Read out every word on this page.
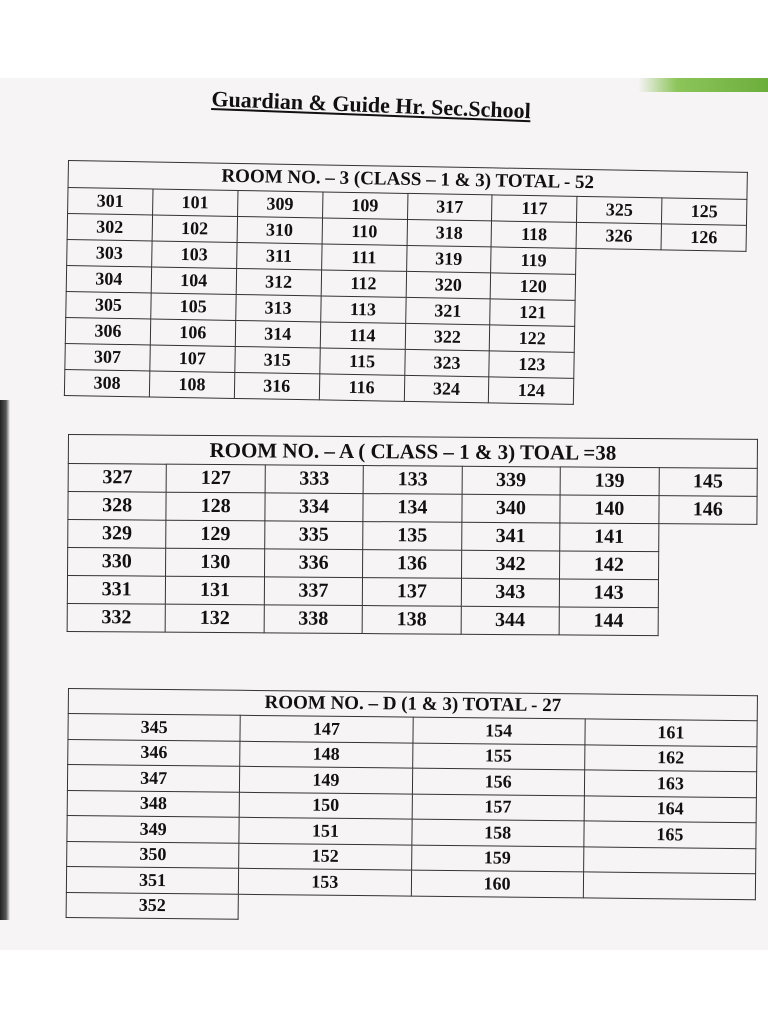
Guardian & Guide Hr. Sec.School
ROOM NO. – 3 (CLASS – 1 & 3) TOTAL - 52							
301	101	309	109	317	117	325	125
302	102	310	110	318	118	326	126
303	103	311	111	319	119		
304	104	312	112	320	120		
305	105	313	113	321	121		
306	106	314	114	322	122		
307	107	315	115	323	123		
308	108	316	116	324	124		
ROOM NO. – A ( CLASS – 1 & 3) TOAL =38						
327	127	333	133	339	139	145
328	128	334	134	340	140	146
329	129	335	135	341	141	
330	130	336	136	342	142	
331	131	337	137	343	143	
332	132	338	138	344	144	
ROOM NO. – D (1 & 3) TOTAL - 27			
345	147	154	161
346	148	155	162
347	149	156	163
348	150	157	164
349	151	158	165
350	152	159	
351	153	160	
352			
